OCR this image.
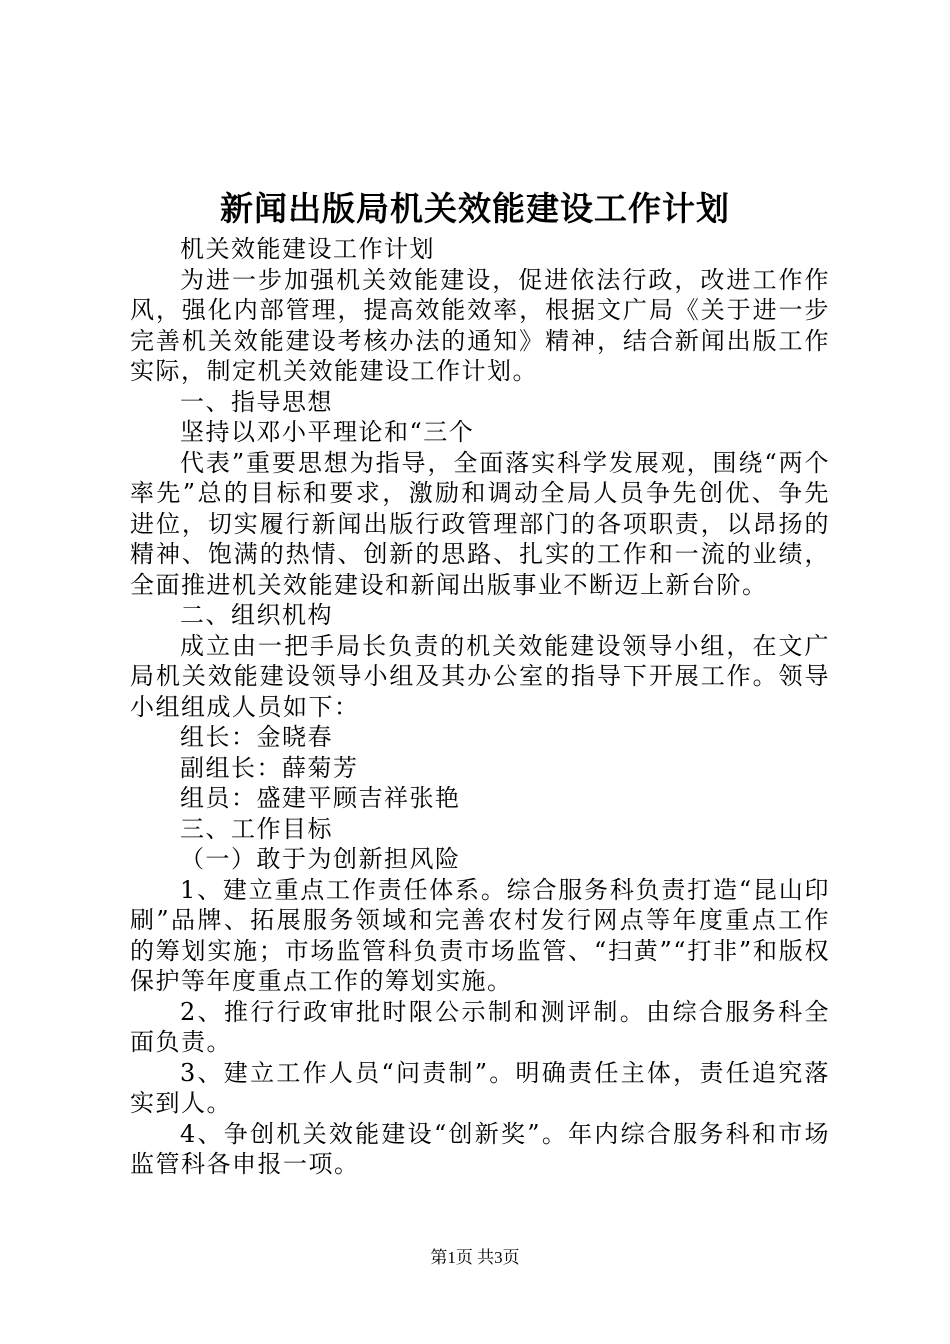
新闻出版局机关效能建设工作计划

机关效能建设工作计划

为进一步加强机关效能建设，促进依法行政，改进工作作风，强化内部管理，提高效能效率，根据文广局《关于进一步完善机关效能建设考核办法的通知》精神，结合新闻出版工作实际，制定机关效能建设工作计划。

一、指导思想

坚持以邓小平理论和“三个

代表”重要思想为指导，全面落实科学发展观，围绕“两个率先”总的目标和要求，激励和调动全局人员争先创优、争先进位，切实履行新闻出版行政管理部门的各项职责，以昂扬的精神、饱满的热情、创新的思路、扎实的工作和一流的业绩，全面推进机关效能建设和新闻出版事业不断迈上新台阶。

二、组织机构

成立由一把手局长负责的机关效能建设领导小组，在文广局机关效能建设领导小组及其办公室的指导下开展工作。领导小组组成人员如下：

组长：金晓春

副组长：薛菊芳

组员：盛建平顾吉祥张艳

三、工作目标

（一）敢于为创新担风险

1、建立重点工作责任体系。综合服务科负责打造“昆山印刷”品牌、拓展服务领域和完善农村发行网点等年度重点工作的筹划实施；市场监管科负责市场监管、“扫黄”“打非”和版权保护等年度重点工作的筹划实施。

2、推行行政审批时限公示制和测评制。由综合服务科全面负责。

3、建立工作人员“问责制”。明确责任主体，责任追究落实到人。

4、争创机关效能建设“创新奖”。年内综合服务科和市场监管科各申报一项。

第1页 共3页
